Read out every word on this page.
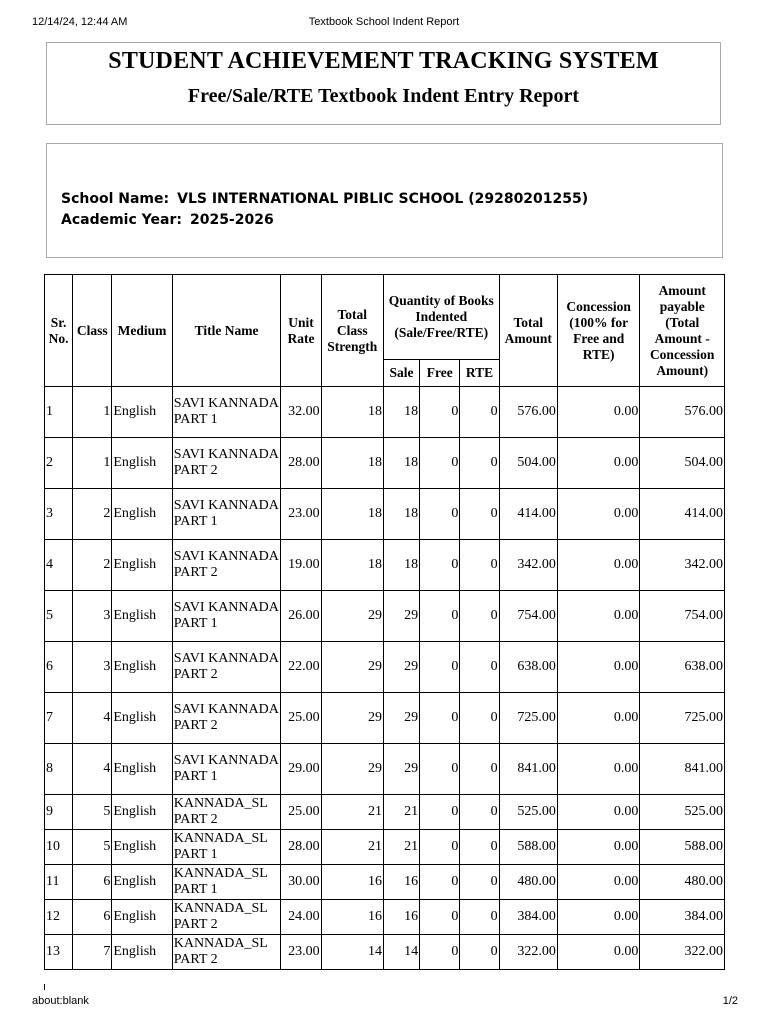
12/14/24, 12:44 AM	Textbook School Indent Report
STUDENT ACHIEVEMENT TRACKING SYSTEM
Free/Sale/RTE Textbook Indent Entry Report
School Name: VLS INTERNATIONAL PIBLIC SCHOOL (29280201255)
Academic Year: 2025-2026
Sr. No.	Class	Medium	Title Name	Unit Rate	Total Class Strength	Quantity of Books Indented (Sale/Free/RTE)			Total Amount	Concession (100% for Free and RTE)	Amount payable (Total Amount - Concession Amount)
						Sale	Free	RTE			
1	1	English	SAVI KANNADA PART 1	32.00	18	18	0	0	576.00	0.00	576.00
2	1	English	SAVI KANNADA PART 2	28.00	18	18	0	0	504.00	0.00	504.00
3	2	English	SAVI KANNADA PART 1	23.00	18	18	0	0	414.00	0.00	414.00
4	2	English	SAVI KANNADA PART 2	19.00	18	18	0	0	342.00	0.00	342.00
5	3	English	SAVI KANNADA PART 1	26.00	29	29	0	0	754.00	0.00	754.00
6	3	English	SAVI KANNADA PART 2	22.00	29	29	0	0	638.00	0.00	638.00
7	4	English	SAVI KANNADA PART 2	25.00	29	29	0	0	725.00	0.00	725.00
8	4	English	SAVI KANNADA PART 1	29.00	29	29	0	0	841.00	0.00	841.00
9	5	English	KANNADA_SL PART 2	25.00	21	21	0	0	525.00	0.00	525.00
10	5	English	KANNADA_SL PART 1	28.00	21	21	0	0	588.00	0.00	588.00
11	6	English	KANNADA_SL PART 1	30.00	16	16	0	0	480.00	0.00	480.00
12	6	English	KANNADA_SL PART 2	24.00	16	16	0	0	384.00	0.00	384.00
13	7	English	KANNADA_SL PART 2	23.00	14	14	0	0	322.00	0.00	322.00
about:blank	1/2
